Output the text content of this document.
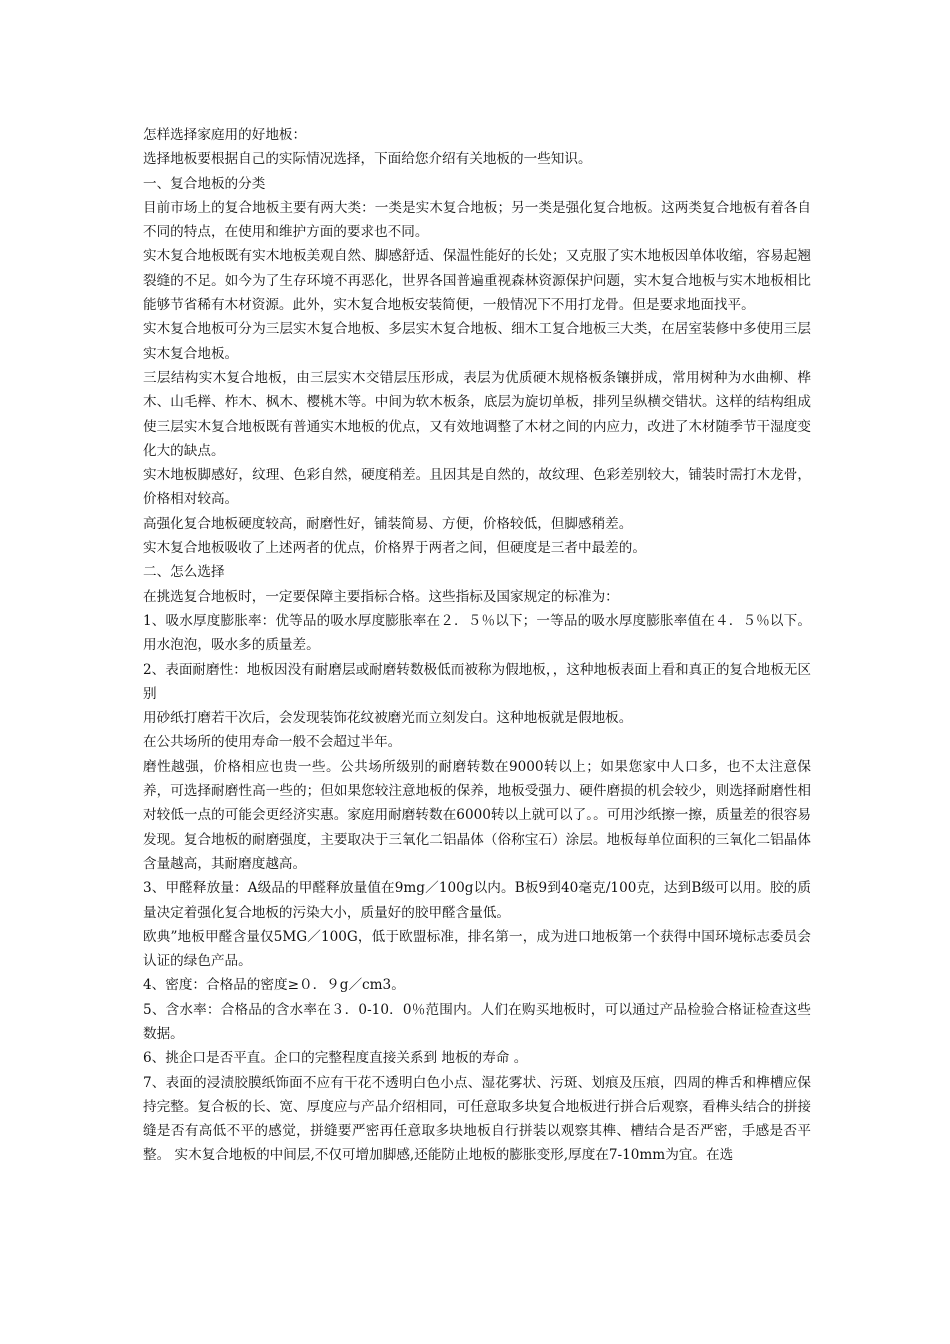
怎样选择家庭用的好地板：

选择地板要根据自己的实际情况选择，下面给您介绍有关地板的一些知识。

一、复合地板的分类

目前市场上的复合地板主要有两大类：一类是实木复合地板；另一类是强化复合地板。这两类复合地板有着各自不同的特点，在使用和维护方面的要求也不同。

实木复合地板既有实木地板美观自然、脚感舒适、保温性能好的长处；又克服了实木地板因单体收缩，容易起翘裂缝的不足。如今为了生存环境不再恶化，世界各国普遍重视森林资源保护问题，实木复合地板与实木地板相比能够节省稀有木材资源。此外，实木复合地板安装简便，一般情况下不用打龙骨。但是要求地面找平。

实木复合地板可分为三层实木复合地板、多层实木复合地板、细木工复合地板三大类，在居室装修中多使用三层实木复合地板。

三层结构实木复合地板，由三层实木交错层压形成，表层为优质硬木规格板条镶拼成，常用树种为水曲柳、桦木、山毛榉、柞木、枫木、樱桃木等。中间为软木板条，底层为旋切单板，排列呈纵横交错状。这样的结构组成使三层实木复合地板既有普通实木地板的优点，又有效地调整了木材之间的内应力，改进了木材随季节干湿度变化大的缺点。

实木地板脚感好，纹理、色彩自然，硬度稍差。且因其是自然的，故纹理、色彩差别较大，铺装时需打木龙骨，价格相对较高。

高强化复合地板硬度较高，耐磨性好，铺装简易、方便，价格较低，但脚感稍差。

实木复合地板吸收了上述两者的优点，价格界于两者之间，但硬度是三者中最差的。

二、怎么选择

在挑选复合地板时，一定要保障主要指标合格。这些指标及国家规定的标准为：

1、吸水厚度膨胀率：优等品的吸水厚度膨胀率在２．５％以下；一等品的吸水厚度膨胀率值在４．５％以下。用水泡泡，吸水多的质量差。

2、表面耐磨性：地板因没有耐磨层或耐磨转数极低而被称为假地板，，这种地板表面上看和真正的复合地板无区别

用砂纸打磨若干次后，会发现装饰花纹被磨光而立刻发白。这种地板就是假地板。

在公共场所的使用寿命一般不会超过半年。

磨性越强，价格相应也贵一些。公共场所级别的耐磨转数在9000转以上；如果您家中人口多，也不太注意保养，可选择耐磨性高一些的；但如果您较注意地板的保养，地板受强力、硬件磨损的机会较少，则选择耐磨性相对较低一点的可能会更经济实惠。家庭用耐磨转数在6000转以上就可以了。。可用沙纸擦一擦，质量差的很容易发现。复合地板的耐磨强度，主要取决于三氧化二铝晶体（俗称宝石）涂层。地板每单位面积的三氧化二铝晶体含量越高，其耐磨度越高。

3、甲醛释放量：A级品的甲醛释放量值在9mg／100g以内。B板9到40毫克/100克，达到B级可以用。胶的质量决定着强化复合地板的污染大小，质量好的胶甲醛含量低。

欧典”地板甲醛含量仅5MG／100G，低于欧盟标准，排名第一，成为进口地板第一个获得中国环境标志委员会认证的绿色产品。

4、密度：合格品的密度≥０．９g／cm3。

5、含水率：合格品的含水率在３．0-10．0％范围内。人们在购买地板时，可以通过产品检验合格证检查这些数据。

6、挑企口是否平直。企口的完整程度直接关系到 地板的寿命 。

7、表面的浸渍胶膜纸饰面不应有干花不透明白色小点、湿花雾状、污斑、划痕及压痕，四周的榫舌和榫槽应保持完整。复合板的长、宽、厚度应与产品介绍相同，可任意取多块复合地板进行拼合后观察，看榫头结合的拼接缝是否有高低不平的感觉，拼缝要严密再任意取多块地板自行拼装以观察其榫、槽结合是否严密，手感是否平整。 实木复合地板的中间层,不仅可增加脚感,还能防止地板的膨胀变形,厚度在7-10mm为宜。在选
